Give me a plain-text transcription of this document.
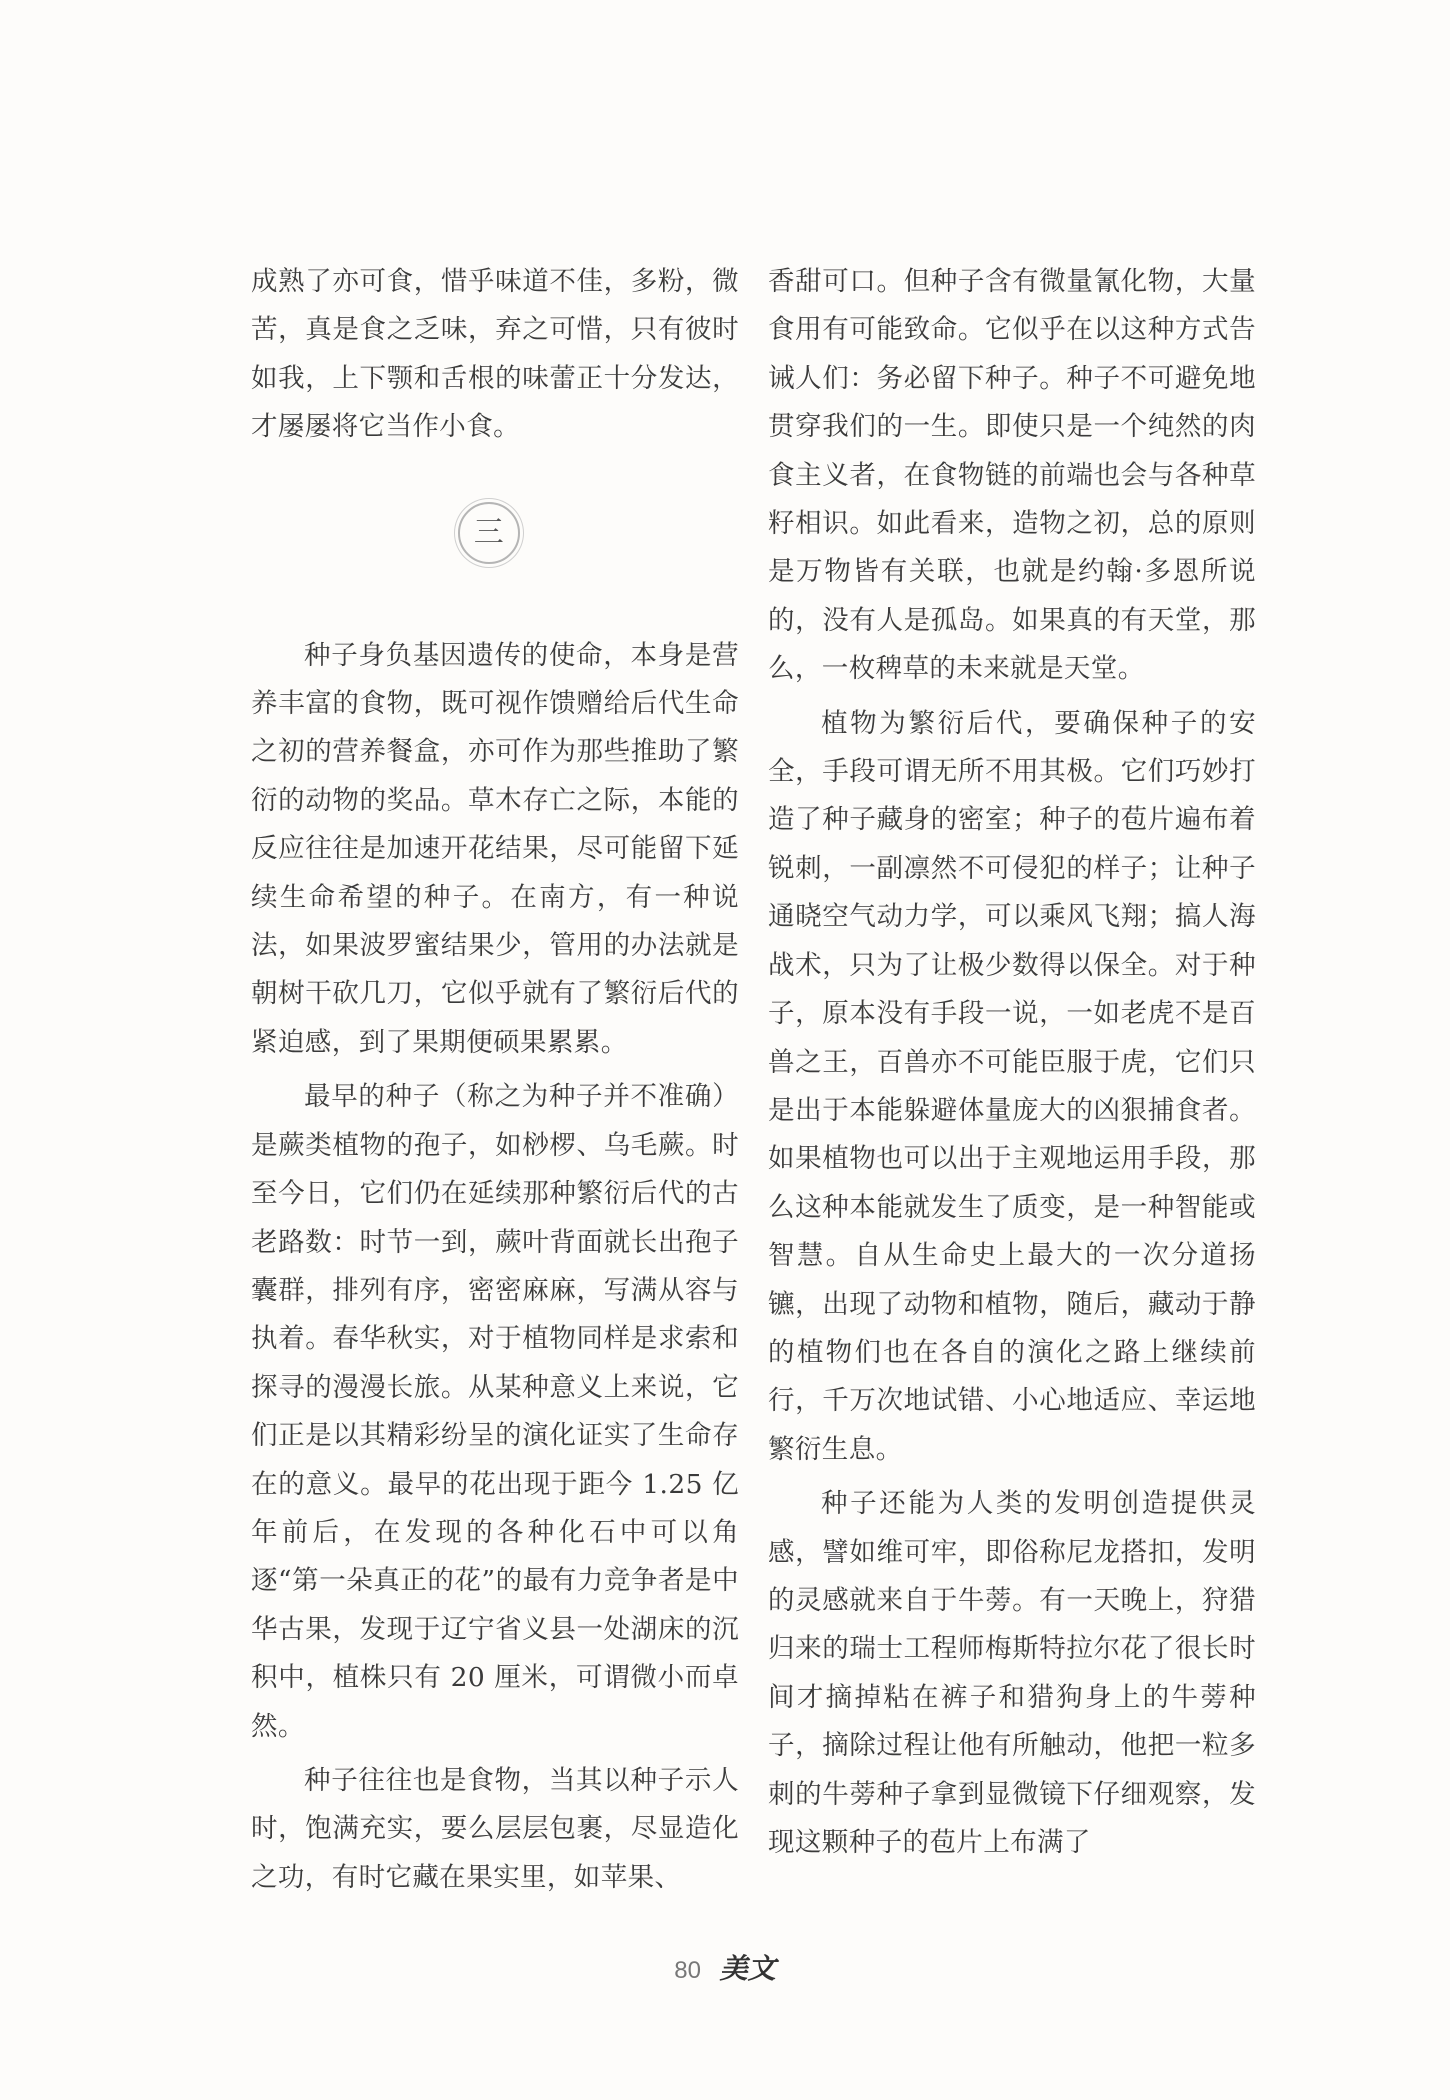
成熟了亦可食，惜乎味道不佳，多粉，微苦，真是食之乏味，弃之可惜，只有彼时如我，上下颚和舌根的味蕾正十分发达，才屡屡将它当作小食。

三

种子身负基因遗传的使命，本身是营养丰富的食物，既可视作馈赠给后代生命之初的营养餐盒，亦可作为那些推助了繁衍的动物的奖品。草木存亡之际，本能的反应往往是加速开花结果，尽可能留下延续生命希望的种子。在南方，有一种说法，如果波罗蜜结果少，管用的办法就是朝树干砍几刀，它似乎就有了繁衍后代的紧迫感，到了果期便硕果累累。

最早的种子（称之为种子并不准确）是蕨类植物的孢子，如桫椤、乌毛蕨。时至今日，它们仍在延续那种繁衍后代的古老路数：时节一到，蕨叶背面就长出孢子囊群，排列有序，密密麻麻，写满从容与执着。春华秋实，对于植物同样是求索和探寻的漫漫长旅。从某种意义上来说，它们正是以其精彩纷呈的演化证实了生命存在的意义。最早的花出现于距今 1.25 亿年前后，在发现的各种化石中可以角逐“第一朵真正的花”的最有力竞争者是中华古果，发现于辽宁省义县一处湖床的沉积中，植株只有 20 厘米，可谓微小而卓然。

种子往往也是食物，当其以种子示人时，饱满充实，要么层层包裹，尽显造化之功，有时它藏在果实里，如苹果、

香甜可口。但种子含有微量氰化物，大量食用有可能致命。它似乎在以这种方式告诫人们：务必留下种子。种子不可避免地贯穿我们的一生。即使只是一个纯然的肉食主义者，在食物链的前端也会与各种草籽相识。如此看来，造物之初，总的原则是万物皆有关联，也就是约翰·多恩所说的，没有人是孤岛。如果真的有天堂，那么，一枚稗草的未来就是天堂。

植物为繁衍后代，要确保种子的安全，手段可谓无所不用其极。它们巧妙打造了种子藏身的密室；种子的苞片遍布着锐刺，一副凛然不可侵犯的样子；让种子通晓空气动力学，可以乘风飞翔；搞人海战术，只为了让极少数得以保全。对于种子，原本没有手段一说，一如老虎不是百兽之王，百兽亦不可能臣服于虎，它们只是出于本能躲避体量庞大的凶狠捕食者。如果植物也可以出于主观地运用手段，那么这种本能就发生了质变，是一种智能或智慧。自从生命史上最大的一次分道扬镳，出现了动物和植物，随后，藏动于静的植物们也在各自的演化之路上继续前行，千万次地试错、小心地适应、幸运地繁衍生息。

种子还能为人类的发明创造提供灵感，譬如维可牢，即俗称尼龙搭扣，发明的灵感就来自于牛蒡。有一天晚上，狩猎归来的瑞士工程师梅斯特拉尔花了很长时间才摘掉粘在裤子和猎狗身上的牛蒡种子，摘除过程让他有所触动，他把一粒多刺的牛蒡种子拿到显微镜下仔细观察，发现这颗种子的苞片上布满了

80 美文
